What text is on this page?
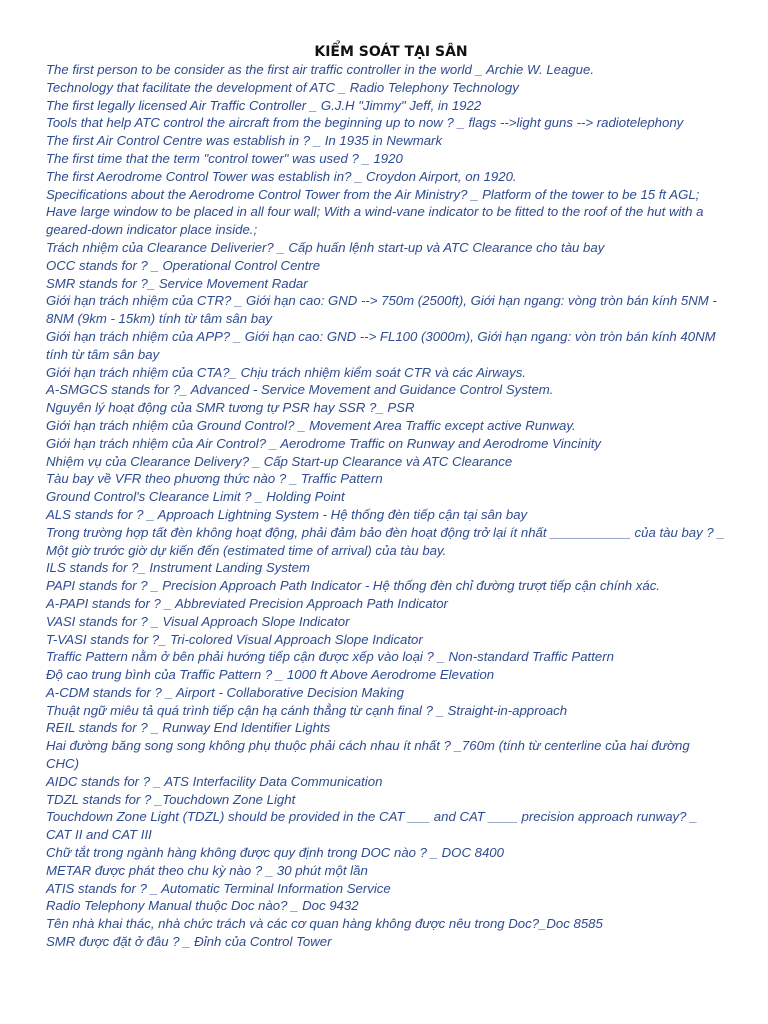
KIỂM SOÁT TẠI SÂN
The first person to be consider as the first air traffic controller in the world _ Archie W. League.
Technology that facilitate the development of ATC _ Radio Telephony Technology
The first legally licensed Air Traffic Controller _ G.J.H "Jimmy" Jeff, in 1922
Tools that help ATC control the aircraft from the beginning up to now ? _ flags -->light guns --> radiotelephony
The first Air Control Centre was establish in ? _ In 1935 in Newmark
The first time that the term "control tower" was used ? _ 1920
The first Aerodrome Control Tower was establish in? _ Croydon Airport, on 1920.
Specifications about the Aerodrome Control Tower from the Air Ministry? _ Platform of the tower to be 15 ft AGL; Have large window to be placed in all four wall; With a wind-vane indicator to be fitted to the roof of the hut with a geared-down indicator place inside.;
Trách nhiệm của Clearance Deliverier? _ Cấp huấn lệnh start-up và ATC Clearance cho tàu bay
OCC stands for ? _ Operational Control Centre
SMR stands for ?_ Service Movement Radar
Giới hạn trách nhiệm của CTR? _ Giới hạn cao: GND --> 750m (2500ft), Giới hạn ngang: vòng tròn bán kính 5NM - 8NM (9km - 15km) tính từ tâm sân bay
Giới hạn trách nhiệm của APP? _ Giới hạn cao: GND --> FL100 (3000m), Giới hạn ngang: vòn tròn bán kính 40NM tính từ tâm sân bay
Giới hạn trách nhiệm của CTA?_ Chịu trách nhiệm kiểm soát CTR và các Airways.
A-SMGCS stands for ?_ Advanced - Service Movement and Guidance Control System.
Nguyên lý hoạt động của SMR tương tự PSR hay SSR ?_ PSR
Giới hạn trách nhiệm của Ground Control? _ Movement Area Traffic except active Runway.
Giới hạn trách nhiệm của Air Control? _ Aerodrome Traffic on Runway and Aerodrome Vincinity
Nhiệm vụ của Clearance Delivery? _ Cấp Start-up Clearance và ATC Clearance
Tàu bay về VFR theo phương thức nào ? _ Traffic Pattern
Ground Control's Clearance Limit ? _ Holding Point
ALS stands for ? _ Approach Lightning System - Hệ thống đèn tiếp cận tại sân bay
Trong trường hợp tất đèn không hoạt động, phải đảm bảo đèn hoạt động trở lại ít nhất ___________ của tàu bay ? _ Một giờ trước giờ dự kiến đến (estimated time of arrival) của tàu bay.
ILS stands for ?_ Instrument Landing System
PAPI stands for ? _ Precision Approach Path Indicator - Hệ thống đèn chỉ đường trượt tiếp cận chính xác.
A-PAPI stands for ? _ Abbreviated Precision Approach Path Indicator
VASI stands for ? _ Visual Approach Slope Indicator
T-VASI stands for ?_ Tri-colored Visual Approach Slope Indicator
Traffic Pattern nằm ở bên phải hướng tiếp cận được xếp vào loại ? _ Non-standard Traffic Pattern
Độ cao trung bình của Traffic Pattern ? _ 1000 ft Above Aerodrome Elevation
A-CDM stands for ? _ Airport - Collaborative Decision Making
Thuật ngữ miêu tả quá trình tiếp cận hạ cánh thẳng từ cạnh final ? _ Straight-in-approach
REIL stands for ? _ Runway End Identifier Lights
Hai đường băng song song không phụ thuộc phải cách nhau ít nhất ? _760m (tính từ centerline của hai đường CHC)
AIDC stands for ? _ ATS Interfacility Data Communication
TDZL stands for ? _Touchdown Zone Light
Touchdown Zone Light (TDZL) should be provided in the CAT ___ and CAT ____ precision approach runway? _ CAT II and CAT III
Chữ tắt trong ngành hàng không được quy định trong DOC nào ? _ DOC 8400
METAR được phát theo chu kỳ nào ? _ 30 phút một lần
ATIS stands for ? _ Automatic Terminal Information Service
Radio Telephony Manual thuộc Doc nào? _ Doc 9432
Tên nhà khai thác, nhà chức trách và các cơ quan hàng không được nêu trong Doc?_Doc 8585
SMR được đặt ở đâu ? _ Đỉnh của Control Tower
